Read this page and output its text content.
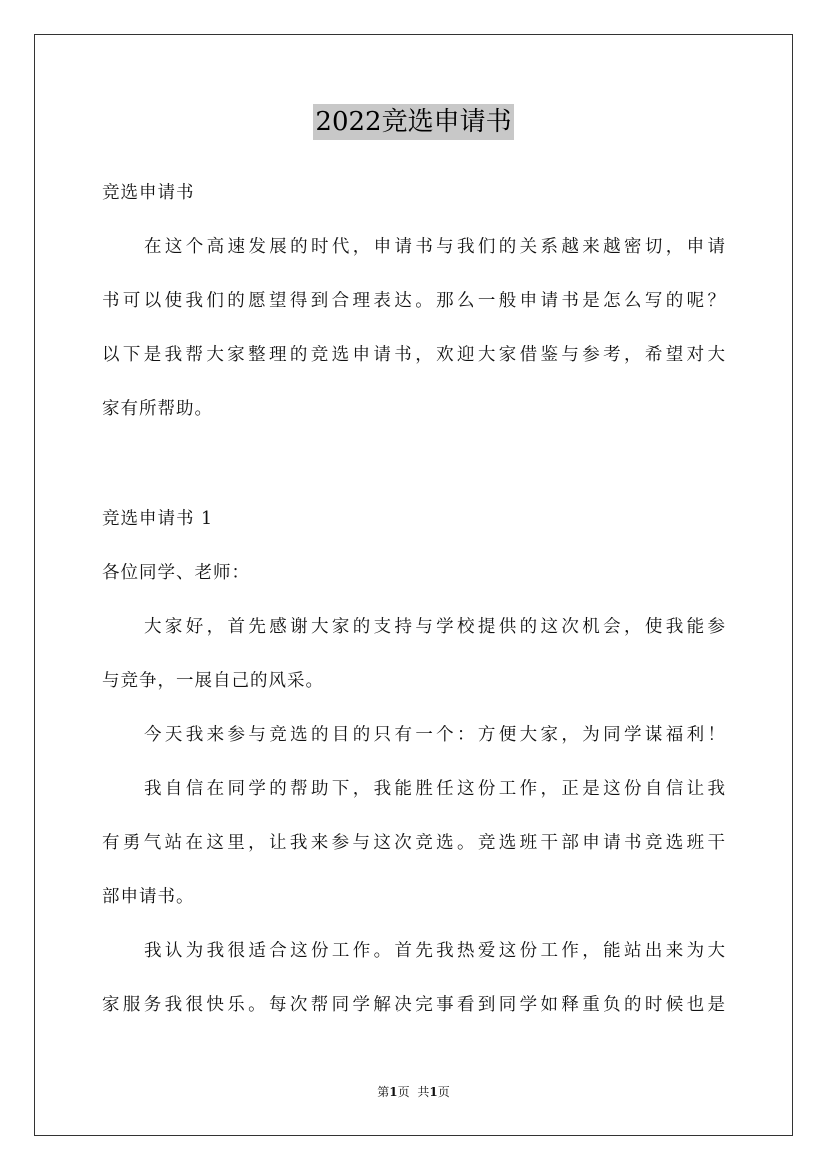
2022竞选申请书
竞选申请书
在这个高速发展的时代，申请书与我们的关系越来越密切，申请
书可以使我们的愿望得到合理表达。那么一般申请书是怎么写的呢？
以下是我帮大家整理的竞选申请书，欢迎大家借鉴与参考，希望对大
家有所帮助。
竞选申请书 1
各位同学、老师：
大家好，首先感谢大家的支持与学校提供的这次机会，使我能参
与竞争，一展自己的风采。
今天我来参与竞选的目的只有一个：方便大家，为同学谋福利！
我自信在同学的帮助下，我能胜任这份工作，正是这份自信让我
有勇气站在这里，让我来参与这次竞选。竞选班干部申请书竞选班干
部申请书。
我认为我很适合这份工作。首先我热爱这份工作，能站出来为大
家服务我很快乐。每次帮同学解决完事看到同学如释重负的时候也是
第1页 共1页
